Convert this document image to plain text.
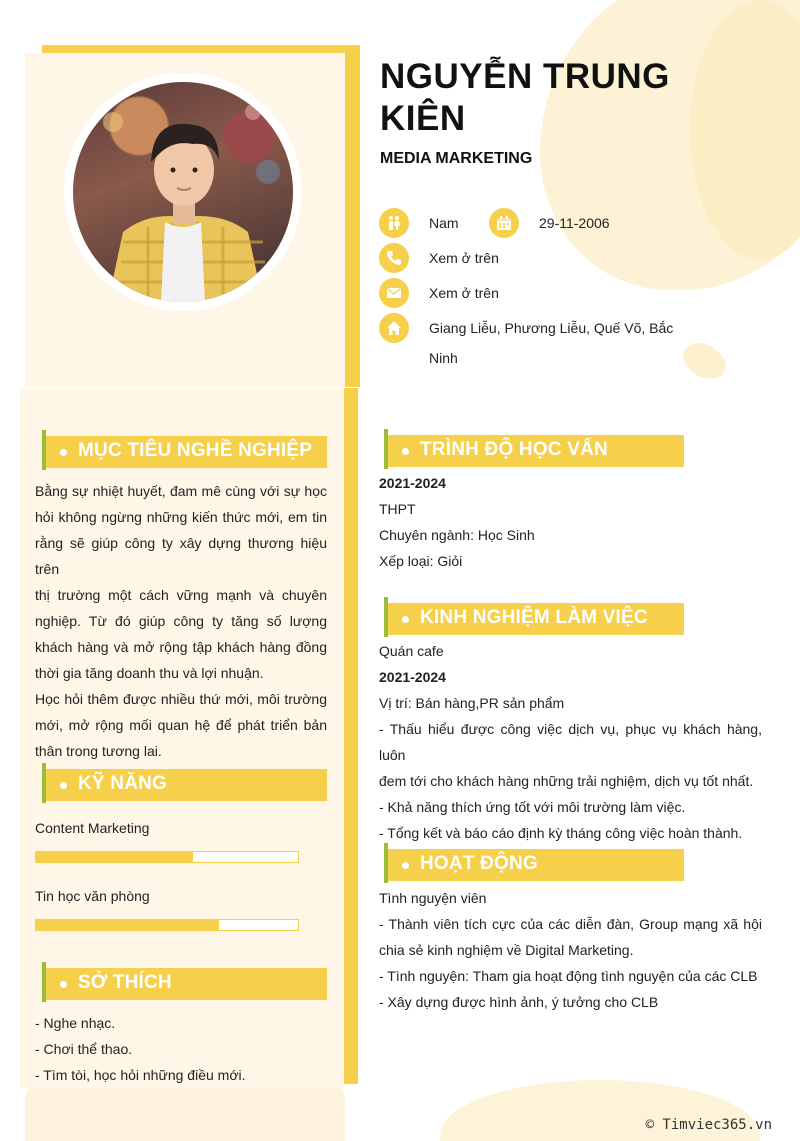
NGUYỄN TRUNG KIÊN
MEDIA MARKETING
Nam	29-11-2006
Xem ở trên
Xem ở trên
Giang Liễu, Phương Liễu, Quế Võ, Bắc
Ninh
MỤC TIÊU NGHỀ NGHIỆP
Bằng sự nhiệt huyết, đam mê cùng với sự học
hỏi không ngừng những kiến thức mới, em tin
rằng sẽ giúp công ty xây dựng thương hiệu trên
thị trường một cách vững mạnh và chuyên
nghiệp. Từ đó giúp công ty tăng số lượng
khách hàng và mở rộng tập khách hàng đồng
thời gia tăng doanh thu và lợi nhuận.
Học hỏi thêm được nhiều thứ mới, môi trường
mới, mở rộng mối quan hệ để phát triển bản
thân trong tương lai.
KỸ NĂNG
Content Marketing
Tin học văn phòng
SỞ THÍCH
- Nghe nhạc.
- Chơi thể thao.
- Tìm tòi, học hỏi những điều mới.
TRÌNH ĐỘ HỌC VẤN
2021-2024
THPT
Chuyên ngành: Học Sinh
Xếp loại: Giỏi
KINH NGHIỆM LÀM VIỆC
Quán cafe
2021-2024
Vị trí: Bán hàng,PR sản phẩm
- Thấu hiểu được công việc dịch vụ, phục vụ khách hàng, luôn
đem tới cho khách hàng những trải nghiệm, dịch vụ tốt nhất.
- Khả năng thích ứng tốt với môi trường làm việc.
- Tổng kết và báo cáo định kỳ tháng công việc hoàn thành.
HOẠT ĐỘNG
Tình nguyện viên
- Thành viên tích cực của các diễn đàn, Group mạng xã hội
chia sẻ kinh nghiệm về Digital Marketing.
- Tình nguyện: Tham gia hoạt động tình nguyện của các CLB
- Xây dựng được hình ảnh, ý tưởng cho CLB
© Timviec365.vn
